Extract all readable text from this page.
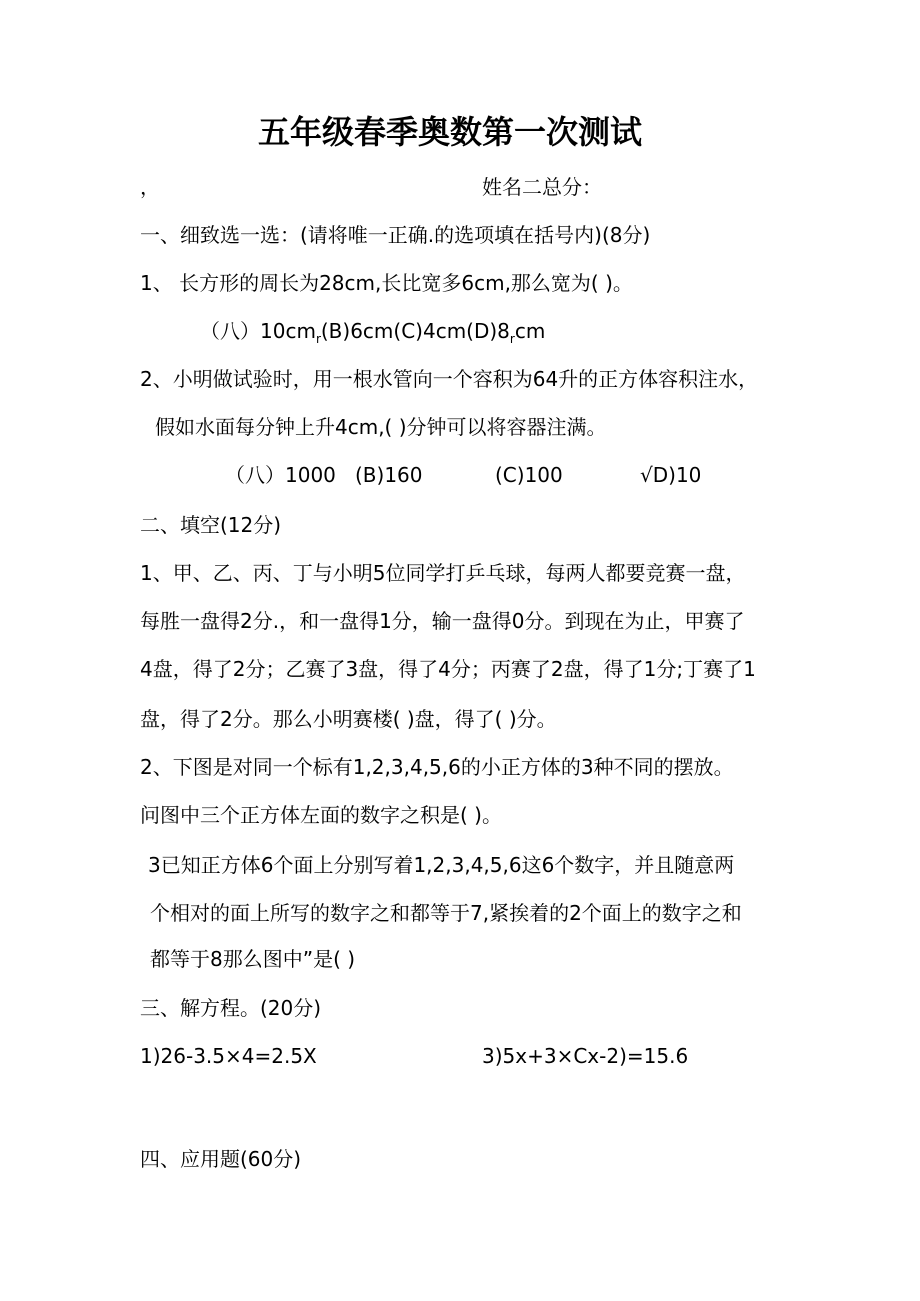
五年级春季奥数第一次测试
，	姓名二总分：
一、细致选一选：(请将唯一正确.的选项填在括号内)(8分)
1、 长方形的周长为28cm,长比宽多6cm,那么宽为( )。
（八）$10cm_r(B)6cm(C)4cm(D)8_rcm$
2、小明做试验时，用一根水管向一个容积为64升的正方体容积注水，
假如水面每分钟上升4cm,( )分钟可以将容器注满。
（八）1000 (B)160	(C)100	√D)10
二、填空(12分)
1、甲、乙、丙、丁与小明5位同学打乒乓球，每两人都要竞赛一盘，
每胜一盘得2分.，和一盘得1分，输一盘得0分。到现在为止，甲赛了
4盘，得了2分；乙赛了3盘，得了4分；丙赛了2盘，得了1分;丁赛了1
盘，得了2分。那么小明赛楼( )盘，得了( )分。
2、下图是对同一个标有1,2,3,4,5,6的小正方体的3种不同的摆放。
问图中三个正方体左面的数字之积是( )。
3已知正方体6个面上分别写着1,2,3,4,5,6这6个数字，并且随意两
个相对的面上所写的数字之和都等于7,紧挨着的2个面上的数字之和
都等于8那么图中”是( )
三、解方程。(20分)
1)26-3.5×4=2.5X	3)5x+3×Cx-2)=15.6
四、应用题(60分)
